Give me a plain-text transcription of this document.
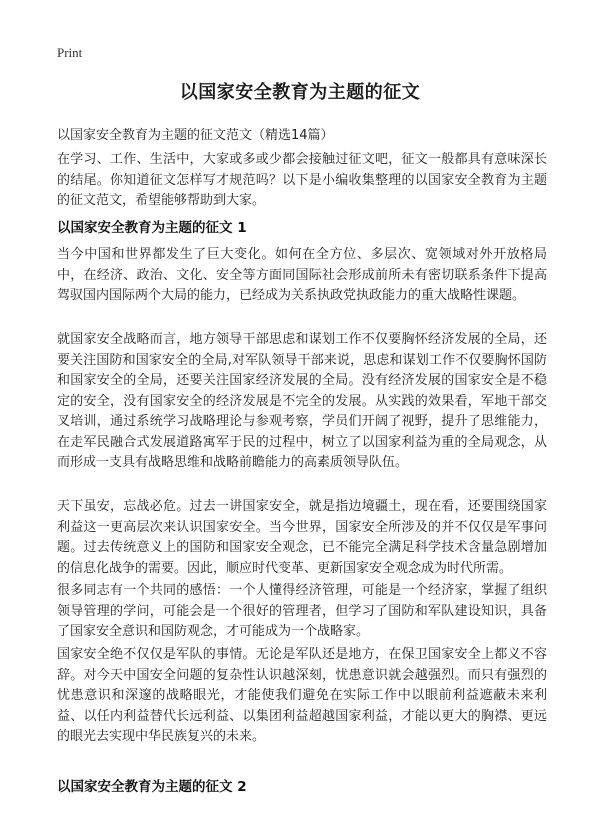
Print
以国家安全教育为主题的征文
以国家安全教育为主题的征文范文（精选14篇）

在学习、工作、生活中，大家或多或少都会接触过征文吧，征文一般都具有意味深长的结尾。你知道征文怎样写才规范吗？以下是小编收集整理的以国家安全教育为主题的征文范文，希望能够帮助到大家。

以国家安全教育为主题的征文 1

当今中国和世界都发生了巨大变化。如何在全方位、多层次、宽领域对外开放格局中，在经济、政治、文化、安全等方面同国际社会形成前所未有密切联系条件下提高驾驭国内国际两个大局的能力，已经成为关系执政党执政能力的重大战略性课题。

就国家安全战略而言，地方领导干部思虑和谋划工作不仅要胸怀经济发展的全局，还要关注国防和国家安全的全局,对军队领导干部来说，思虑和谋划工作不仅要胸怀国防和国家安全的全局，还要关注国家经济发展的全局。没有经济发展的国家安全是不稳定的安全，没有国家安全的经济发展是不完全的发展。从实践的效果看，军地干部交叉培训，通过系统学习战略理论与参观考察，学员们开阔了视野，提升了思维能力，在走军民融合式发展道路寓军于民的过程中，树立了以国家利益为重的全局观念，从而形成一支具有战略思维和战略前瞻能力的高素质领导队伍。

天下虽安，忘战必危。过去一讲国家安全，就是指边境疆土，现在看，还要围绕国家利益这一更高层次来认识国家安全。当今世界，国家安全所涉及的并不仅仅是军事问题。过去传统意义上的国防和国家安全观念，已不能完全满足科学技术含量急剧增加的信息化战争的需要。因此，顺应时代变革、更新国家安全观念成为时代所需。

很多同志有一个共同的感悟：一个人懂得经济管理，可能是一个经济家，掌握了组织领导管理的学问，可能会是一个很好的管理者，但学习了国防和军队建设知识，具备了国家安全意识和国防观念，才可能成为一个战略家。

国家安全绝不仅仅是军队的事情。无论是军队还是地方，在保卫国家安全上都义不容辞。对今天中国安全问题的复杂性认识越深刻，忧患意识就会越强烈。而只有强烈的忧患意识和深邃的战略眼光，才能使我们避免在实际工作中以眼前利益遮蔽未来利益、以任内利益替代长远利益、以集团利益超越国家利益，才能以更大的胸襟、更远的眼光去实现中华民族复兴的未来。

以国家安全教育为主题的征文 2
